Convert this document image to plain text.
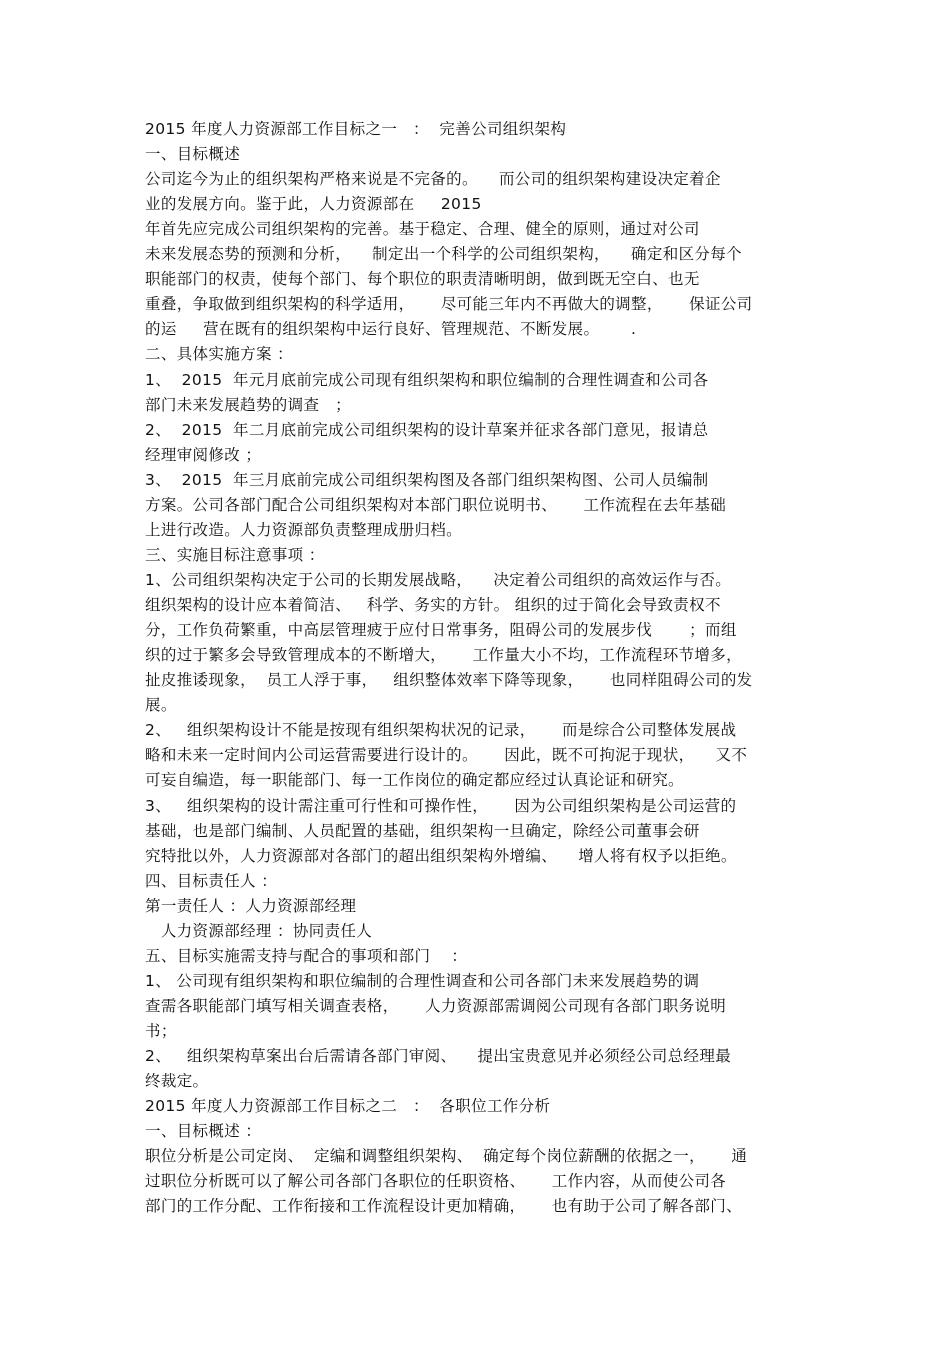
2015 年度人力资源部工作目标之一   ：  完善公司组织架构
一、目标概述
公司迄今为止的组织架构严格来说是不完备的。    而公司的组织架构建设决定着企
业的发展方向。鉴于此，人力资源部在     2015
年首先应完成公司组织架构的完善。基于稳定、合理、健全的原则，通过对公司
未来发展态势的预测和分析，    制定出一个科学的公司组织架构，    确定和区分每个
职能部门的权责，使每个部门、每个职位的职责清晰明朗，做到既无空白、也无
重叠，争取做到组织架构的科学适用，     尽可能三年内不再做大的调整，     保证公司
的运     营在既有的组织架构中运行良好、管理规范、不断发展。      .
二、具体实施方案 ：
1、  2015  年元月底前完成公司现有组织架构和职位编制的合理性调查和公司各
部门未来发展趋势的调查   ；
2、  2015  年二月底前完成公司组织架构的设计草案并征求各部门意见，报请总
经理审阅修改 ；
3、  2015  年三月底前完成公司组织架构图及各部门组织架构图、公司人员编制
方案。公司各部门配合公司组织架构对本部门职位说明书、     工作流程在去年基础
上进行改造。人力资源部负责整理成册归档。
三、实施目标注意事项 ：
1、公司组织架构决定于公司的长期发展战略，    决定着公司组织的高效运作与否。
组织架构的设计应本着简洁、   科学、务实的方针。 组织的过于简化会导致责权不
分，工作负荷繁重，中高层管理疲于应付日常事务，阻碍公司的发展步伐       ；而组
织的过于繁多会导致管理成本的不断增大，     工作量大小不均，工作流程环节增多，
扯皮推诿现象，  员工人浮于事，   组织整体效率下降等现象，     也同样阻碍公司的发
展。
2、   组织架构设计不能是按现有组织架构状况的记录，     而是综合公司整体发展战
略和未来一定时间内公司运营需要进行设计的。     因此，既不可拘泥于现状，    又不
可妄自编造，每一职能部门、每一工作岗位的确定都应经过认真论证和研究。
3、   组织架构的设计需注重可行性和可操作性，     因为公司组织架构是公司运营的
基础，也是部门编制、人员配置的基础，组织架构一旦确定，除经公司董事会研
究特批以外，人力资源部对各部门的超出组织架构外增编、    增人将有权予以拒绝。
四、目标责任人 ：
第一责任人 ：人力资源部经理
人力资源部经理 ：协同责任人
五、目标实施需支持与配合的事项和部门    ：
1、 公司现有组织架构和职位编制的合理性调查和公司各部门未来发展趋势的调
查需各职能部门填写相关调查表格，     人力资源部需调阅公司现有各部门职务说明
书；
2、   组织架构草案出台后需请各部门审阅、    提出宝贵意见并必须经公司总经理最
终裁定。
2015 年度人力资源部工作目标之二   ：  各职位工作分析
一、目标概述 ：
职位分析是公司定岗、  定编和调整组织架构、  确定每个岗位薪酬的依据之一，     通
过职位分析既可以了解公司各部门各职位的任职资格、     工作内容，从而使公司各
部门的工作分配、工作衔接和工作流程设计更加精确，     也有助于公司了解各部门、
